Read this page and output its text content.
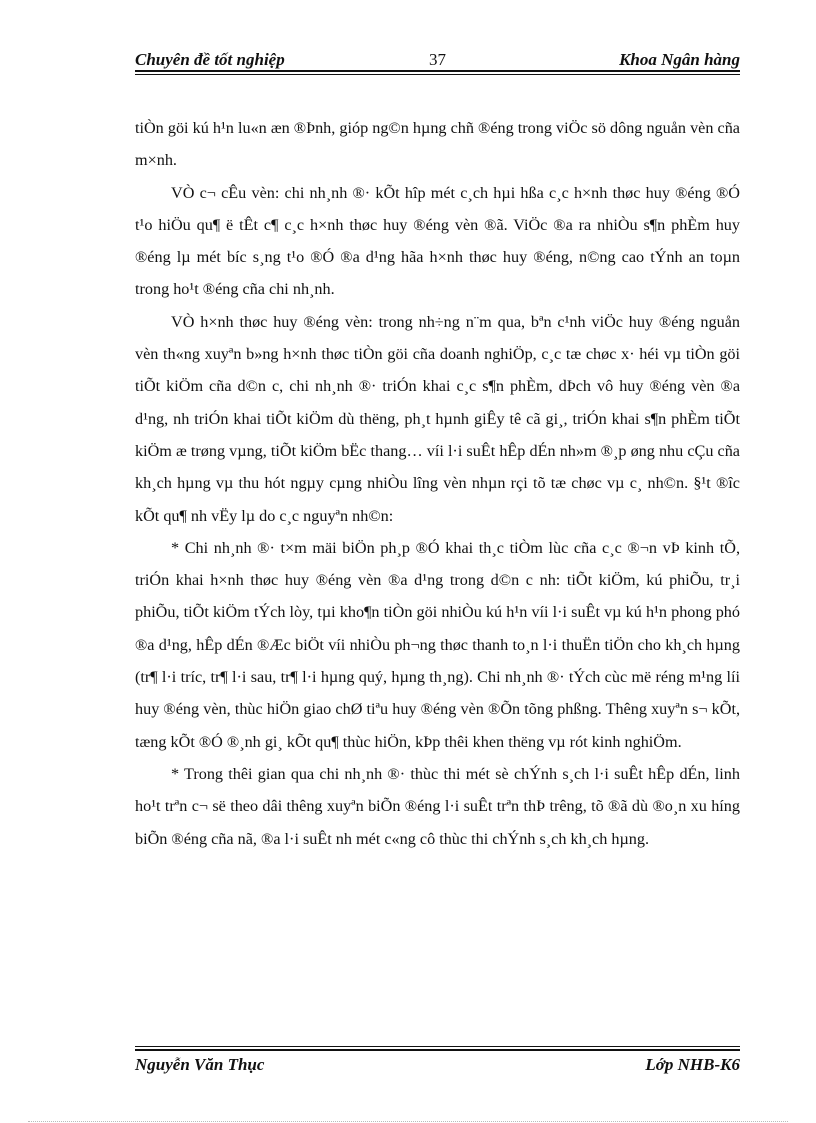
Chuyên đề tốt nghiệp	37	Khoa Ngân hàng

tiÒn göi kú h¹n lu«n æn ®Þnh, gióp ng©n hµng chñ ®éng trong viÖc sö dông nguån vèn cña m×nh.

VÒ c¬ cÊu vèn: chi nh¸nh ®· kÕt hîp mét c¸ch hµi hßa c¸c h×nh thøc huy ®éng ®Ó t¹o hiÖu qu¶ ë tÊt c¶ c¸c h×nh thøc huy ®éng vèn ®ã. ViÖc ®a ra nhiÒu s¶n phÈm huy ®éng lµ mét bíc s¸ng t¹o ®Ó ®a d¹ng hãa h×nh thøc huy ®éng, n©ng cao tÝnh an toµn trong ho¹t ®éng cña chi nh¸nh.

VÒ h×nh thøc huy ®éng vèn: trong nh÷ng n¨m qua, bªn c¹nh viÖc huy ®éng nguån vèn th«ng xuyªn b»ng h×nh thøc tiÒn göi cña doanh nghiÖp, c¸c tæ chøc x· héi vµ tiÒn göi tiÕt kiÖm cña d©n c, chi nh¸nh ®· triÓn khai c¸c s¶n phÈm, dÞch vô huy ®éng vèn ®a d¹ng, nh triÓn khai tiÕt kiÖm dù thëng, ph¸t hµnh giÊy tê cã gi¸, triÓn khai s¶n phÈm tiÕt kiÖm æ trøng vµng, tiÕt kiÖm bËc thang… víi l·i suÊt hÊp dÉn nh»m ®¸p øng nhu cÇu cña kh¸ch hµng vµ thu hót ngµy cµng nhiÒu lîng vèn nhµn rçi tõ tæ chøc vµ c¸ nh©n. §¹t ®îc kÕt qu¶ nh vËy lµ do c¸c nguyªn nh©n:

* Chi nh¸nh ®· t×m mäi biÖn ph¸p ®Ó khai th¸c tiÒm lùc cña c¸c ®¬n vÞ kinh tÕ, triÓn khai h×nh thøc huy ®éng vèn ®a d¹ng trong d©n c nh: tiÕt kiÖm, kú phiÕu, tr¸i phiÕu, tiÕt kiÖm tÝch lòy, tµi kho¶n tiÒn göi nhiÒu kú h¹n víi l·i suÊt vµ kú h¹n phong phó ®a d¹ng, hÊp dÉn ®Æc biÖt víi nhiÒu ph¬ng thøc thanh to¸n l·i thuËn tiÖn cho kh¸ch hµng (tr¶ l·i tríc, tr¶ l·i sau, tr¶ l·i hµng quý, hµng th¸ng). Chi nh¸nh ®· tÝch cùc më réng m¹ng líi huy ®éng vèn, thùc hiÖn giao chØ tiªu huy ®éng vèn ®Õn tõng phßng. Thêng xuyªn s¬ kÕt, tæng kÕt ®Ó ®¸nh gi¸ kÕt qu¶ thùc hiÖn, kÞp thêi khen thëng vµ rót kinh nghiÖm.

* Trong thêi gian qua chi nh¸nh ®· thùc thi mét sè chÝnh s¸ch l·i suÊt hÊp dÉn, linh ho¹t trªn c¬ së theo dâi thêng xuyªn biÕn ®éng l·i suÊt trªn thÞ trêng, tõ ®ã dù ®o¸n xu híng biÕn ®éng cña nã, ®a l·i suÊt nh mét c«ng cô thùc thi chÝnh s¸ch kh¸ch hµng.

Nguyễn Văn Thục	Lớp NHB-K6
